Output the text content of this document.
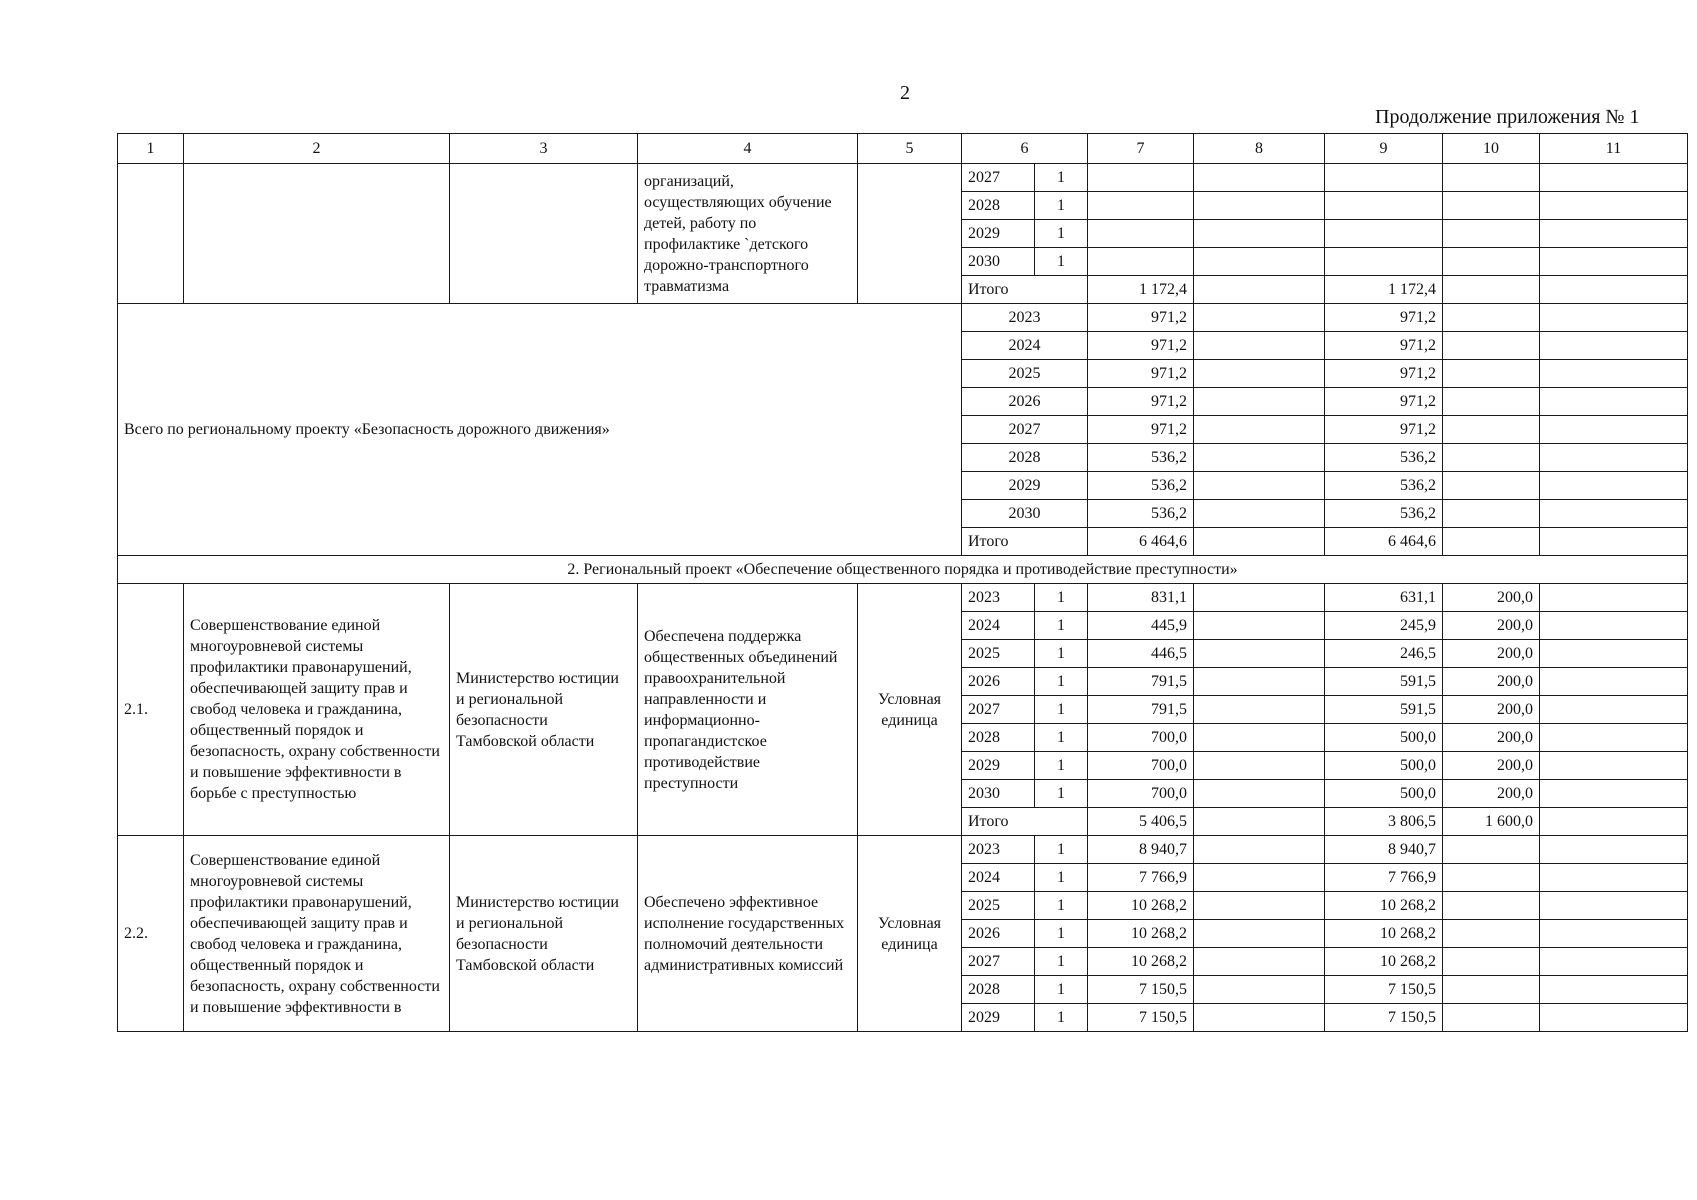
2
Продолжение приложения № 1
1	2	3	4	5	6		7	8	9	10	11
			организаций, осуществляющих обучение детей, работу по профилактике `детского дорожно-транспортного травматизма		2027	1					
					2028	1					
					2029	1					
					2030	1					
					Итого		1 172,4		1 172,4		
Всего по региональному проекту «Безопасность дорожного движения»					2023		971,2		971,2		
					2024		971,2		971,2		
					2025		971,2		971,2		
					2026		971,2		971,2		
					2027		971,2		971,2		
					2028		536,2		536,2		
					2029		536,2		536,2		
					2030		536,2		536,2		
					Итого		6 464,6		6 464,6		
2. Региональный проект «Обеспечение общественного порядка и противодействие преступности»											
2.1.	Совершенствование единой многоуровневой системы профилактики правонарушений, обеспечивающей защиту прав и свобод человека и гражданина, общественный порядок и безопасность, охрану собственности и повышение эффективности в борьбе с преступностью	Министерство юстиции и региональной безопасности Тамбовской области	Обеспечена поддержка общественных объединений правоохранительной направленности и информационно-пропагандистское противодействие преступности	Условная единица	2023	1	831,1		631,1	200,0	
					2024	1	445,9		245,9	200,0	
					2025	1	446,5		246,5	200,0	
					2026	1	791,5		591,5	200,0	
					2027	1	791,5		591,5	200,0	
					2028	1	700,0		500,0	200,0	
					2029	1	700,0		500,0	200,0	
					2030	1	700,0		500,0	200,0	
					Итого		5 406,5		3 806,5	1 600,0	
2.2.	Совершенствование единой многоуровневой системы профилактики правонарушений, обеспечивающей защиту прав и свобод человека и гражданина, общественный порядок и безопасность, охрану собственности и повышение эффективности в	Министерство юстиции и региональной безопасности Тамбовской области	Обеспечено эффективное исполнение государственных полномочий деятельности административных комиссий	Условная единица	2023	1	8 940,7		8 940,7		
					2024	1	7 766,9		7 766,9		
					2025	1	10 268,2		10 268,2		
					2026	1	10 268,2		10 268,2		
					2027	1	10 268,2		10 268,2		
					2028	1	7 150,5		7 150,5		
					2029	1	7 150,5		7 150,5		
